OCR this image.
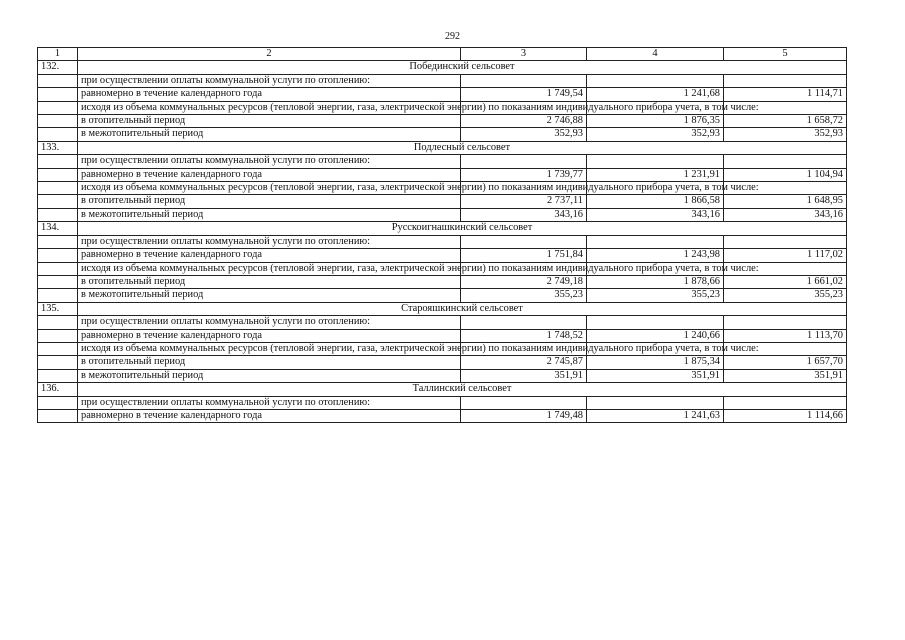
292
1	2	3	4	5
132.	Побединский сельсовет			
	при осуществлении оплаты коммунальной услуги по отоплению:			
	равномерно в течение календарного года	1 749,54	1 241,68	1 114,71
	исходя из объема коммунальных ресурсов (тепловой энергии, газа, электрической энергии) по показаниям индивидуального прибора учета, в том числе:			
	в отопительный период	2 746,88	1 876,35	1 658,72
	в межотопительный период	352,93	352,93	352,93
133.	Подлесный сельсовет			
	при осуществлении оплаты коммунальной услуги по отоплению:			
	равномерно в течение календарного года	1 739,77	1 231,91	1 104,94
	исходя из объема коммунальных ресурсов (тепловой энергии, газа, электрической энергии) по показаниям индивидуального прибора учета, в том числе:			
	в отопительный период	2 737,11	1 866,58	1 648,95
	в межотопительный период	343,16	343,16	343,16
134.	Русскоигнашкинский сельсовет			
	при осуществлении оплаты коммунальной услуги по отоплению:			
	равномерно в течение календарного года	1 751,84	1 243,98	1 117,02
	исходя из объема коммунальных ресурсов (тепловой энергии, газа, электрической энергии) по показаниям индивидуального прибора учета, в том числе:			
	в отопительный период	2 749,18	1 878,66	1 661,02
	в межотопительный период	355,23	355,23	355,23
135.	Старояшкинский сельсовет			
	при осуществлении оплаты коммунальной услуги по отоплению:			
	равномерно в течение календарного года	1 748,52	1 240,66	1 113,70
	исходя из объема коммунальных ресурсов (тепловой энергии, газа, электрической энергии) по показаниям индивидуального прибора учета, в том числе:			
	в отопительный период	2 745,87	1 875,34	1 657,70
	в межотопительный период	351,91	351,91	351,91
136.	Таллинский сельсовет			
	при осуществлении оплаты коммунальной услуги по отоплению:			
	равномерно в течение календарного года	1 749,48	1 241,63	1 114,66
